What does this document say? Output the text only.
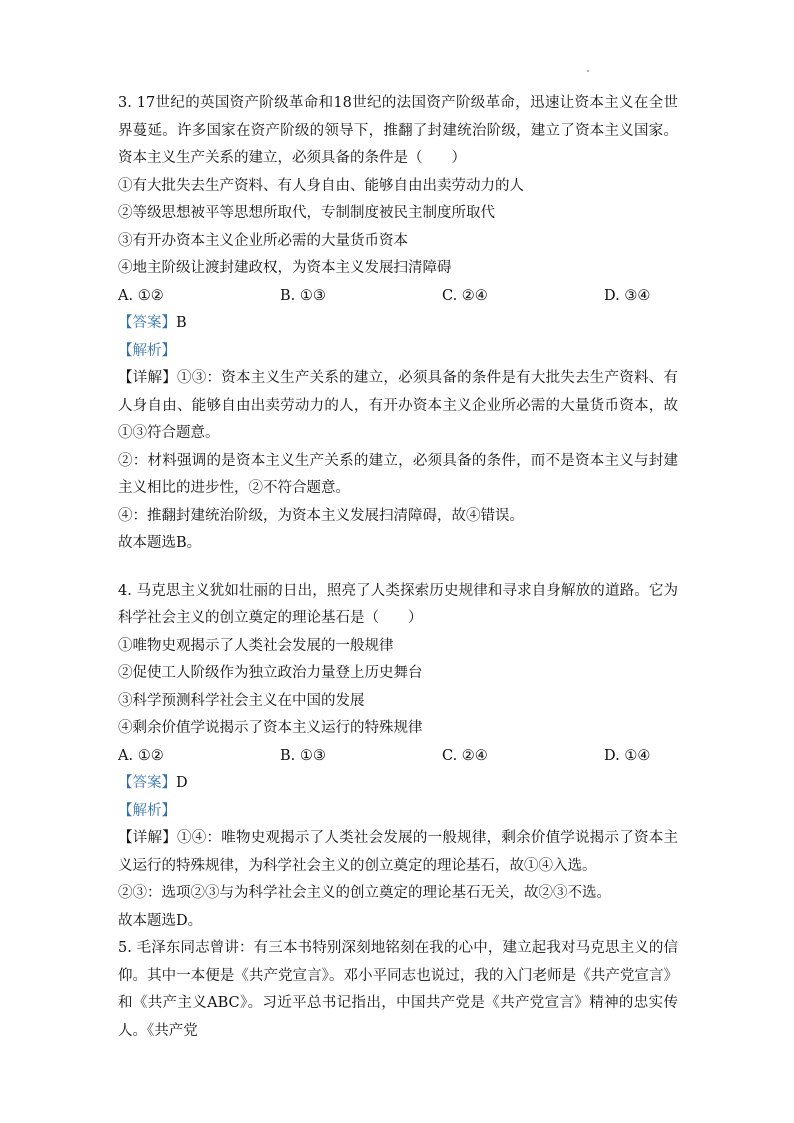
3. 17世纪的英国资产阶级革命和18世纪的法国资产阶级革命，迅速让资本主义在全世界蔓延。许多国家在资产阶级的领导下，推翻了封建统治阶级，建立了资本主义国家。资本主义生产关系的建立，必须具备的条件是（　　）

①有大批失去生产资料、有人身自由、能够自由出卖劳动力的人

②等级思想被平等思想所取代，专制制度被民主制度所取代

③有开办资本主义企业所必需的大量货币资本

④地主阶级让渡封建政权，为资本主义发展扫清障碍

A. ①②	B. ①③	C. ②④	D. ③④

【答案】B

【解析】

【详解】①③：资本主义生产关系的建立，必须具备的条件是有大批失去生产资料、有人身自由、能够自由出卖劳动力的人，有开办资本主义企业所必需的大量货币资本，故①③符合题意。

②：材料强调的是资本主义生产关系的建立，必须具备的条件，而不是资本主义与封建主义相比的进步性，②不符合题意。

④：推翻封建统治阶级，为资本主义发展扫清障碍，故④错误。

故本题选B。

4. 马克思主义犹如壮丽的日出，照亮了人类探索历史规律和寻求自身解放的道路。它为科学社会主义的创立奠定的理论基石是（　　）

①唯物史观揭示了人类社会发展的一般规律

②促使工人阶级作为独立政治力量登上历史舞台

③科学预测科学社会主义在中国的发展

④剩余价值学说揭示了资本主义运行的特殊规律

A. ①②	B. ①③	C. ②④	D. ①④

【答案】D

【解析】

【详解】①④：唯物史观揭示了人类社会发展的一般规律，剩余价值学说揭示了资本主义运行的特殊规律，为科学社会主义的创立奠定的理论基石，故①④入选。

②③：选项②③与为科学社会主义的创立奠定的理论基石无关，故②③不选。

故本题选D。

5. 毛泽东同志曾讲：有三本书特别深刻地铭刻在我的心中，建立起我对马克思主义的信仰。其中一本便是《共产党宣言》。邓小平同志也说过，我的入门老师是《共产党宣言》和《共产主义ABC》。习近平总书记指出，中国共产党是《共产党宣言》精神的忠实传人。《共产党
